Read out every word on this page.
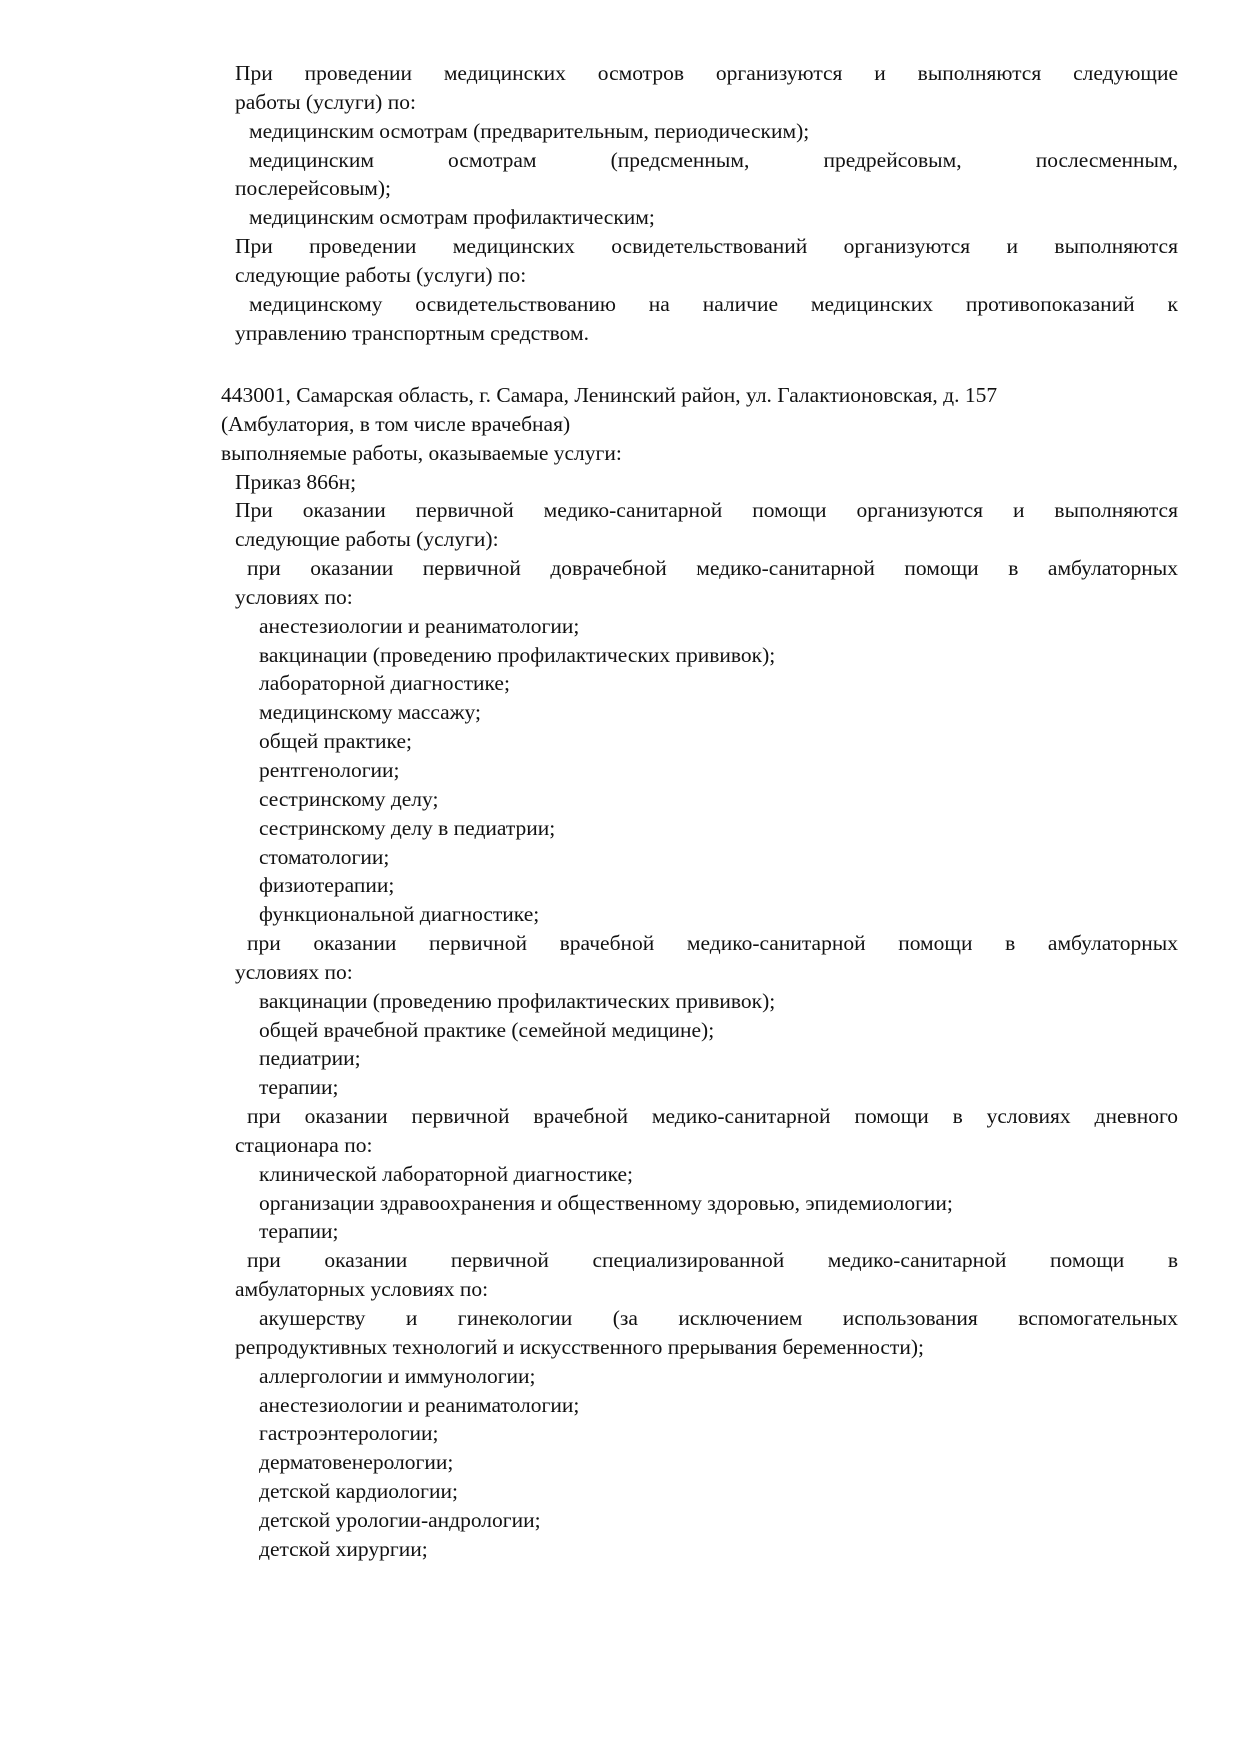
При проведении медицинских осмотров организуются и выполняются следующие
работы (услуги) по:
медицинским осмотрам (предварительным, периодическим);
медицинским осмотрам (предсменным, предрейсовым, послесменным,
послерейсовым);
медицинским осмотрам профилактическим;
При проведении медицинских освидетельствований организуются и выполняются
следующие работы (услуги) по:
медицинскому освидетельствованию на наличие медицинских противопоказаний к
управлению транспортным средством.
443001, Самарская область, г. Самара, Ленинский район, ул. Галактионовская, д. 157
(Амбулатория, в том числе врачебная)
выполняемые работы, оказываемые услуги:
Приказ 866н;
При оказании первичной медико-санитарной помощи организуются и выполняются
следующие работы (услуги):
при оказании первичной доврачебной медико-санитарной помощи в амбулаторных
условиях по:
анестезиологии и реаниматологии;
вакцинации (проведению профилактических прививок);
лабораторной диагностике;
медицинскому массажу;
общей практике;
рентгенологии;
сестринскому делу;
сестринскому делу в педиатрии;
стоматологии;
физиотерапии;
функциональной диагностике;
при оказании первичной врачебной медико-санитарной помощи в амбулаторных
условиях по:
вакцинации (проведению профилактических прививок);
общей врачебной практике (семейной медицине);
педиатрии;
терапии;
при оказании первичной врачебной медико-санитарной помощи в условиях дневного
стационара по:
клинической лабораторной диагностике;
организации здравоохранения и общественному здоровью, эпидемиологии;
терапии;
при оказании первичной специализированной медико-санитарной помощи в
амбулаторных условиях по:
акушерству и гинекологии (за исключением использования вспомогательных
репродуктивных технологий и искусственного прерывания беременности);
аллергологии и иммунологии;
анестезиологии и реаниматологии;
гастроэнтерологии;
дерматовенерологии;
детской кардиологии;
детской урологии-андрологии;
детской хирургии;
